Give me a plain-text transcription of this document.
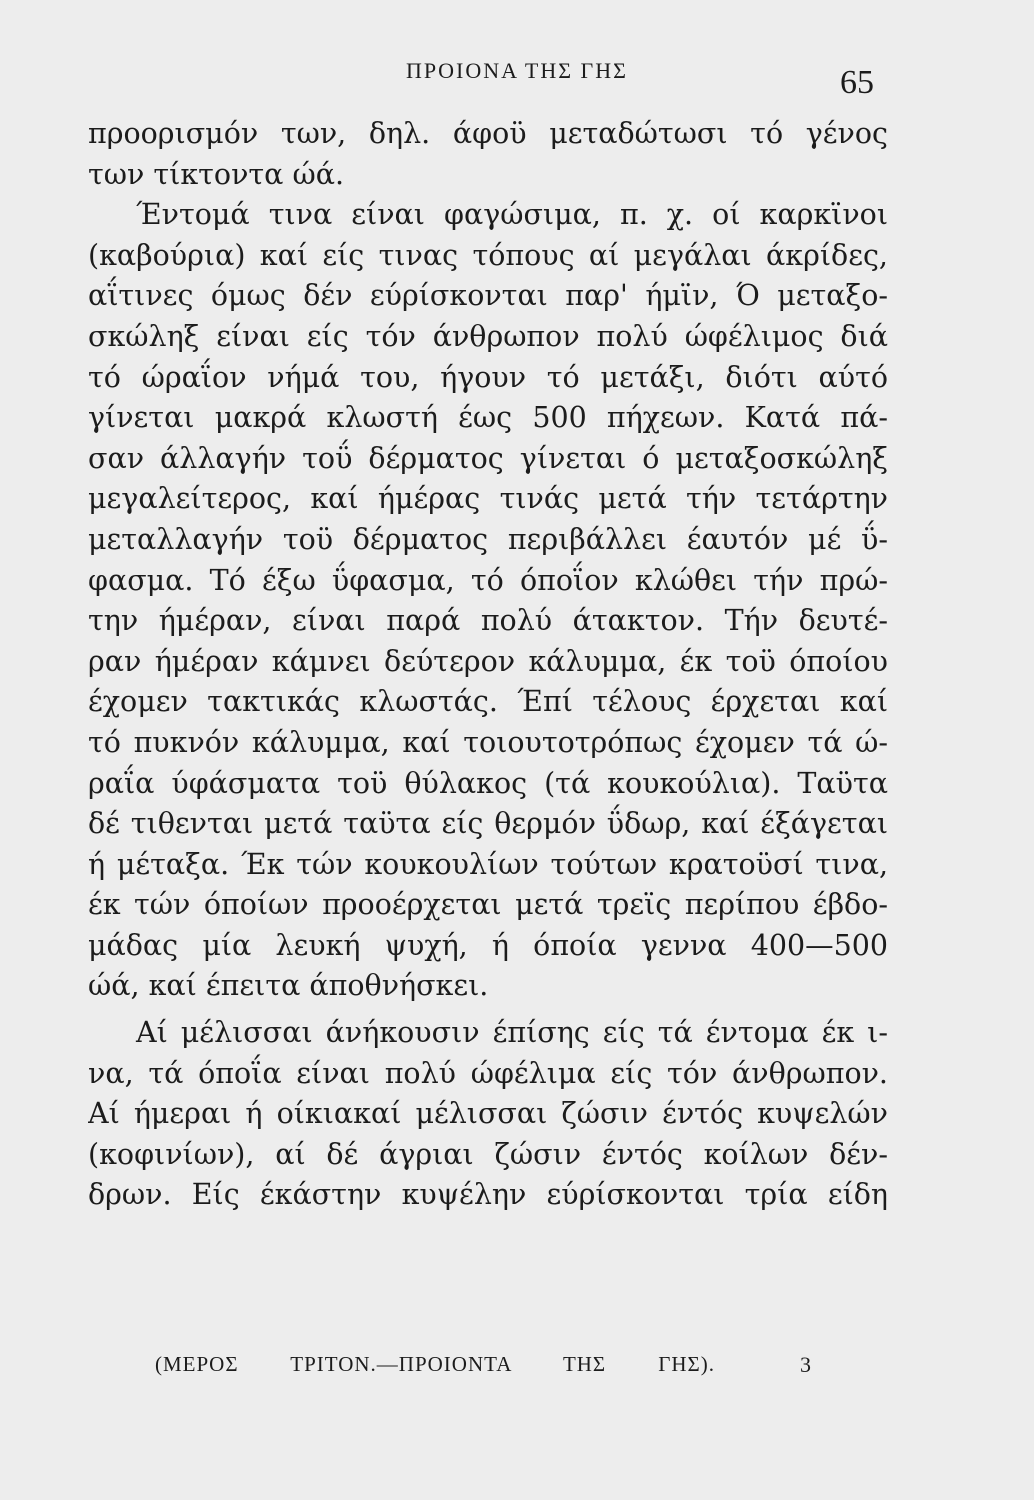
ΠΡΟΙΟΝΑ ΤΗΣ ΓΗΣ	65
προορισμόν των, δηλ. άφοϋ μεταδώτωσι τό γένος
των τίκτοντα ώά.
Έντομά τινα είναι φαγώσιμα, π. χ. οί καρκϊνοι
(καβούρια) καί είς τινας τόπους αί μεγάλαι άκρίδες,
αΐτινες όμως δέν εύρίσκονται παρ' ήμϊν, Ό μεταξο-
σκώληξ είναι είς τόν άνθρωπον πολύ ώφέλιμος διά
τό ώραΐον νήμά του, ήγουν τό μετάξι, διότι αύτό
γίνεται μακρά κλωστή έως 500 πήχεων. Κατά πά-
σαν άλλαγήν τοΰ δέρματος γίνεται ό μεταξοσκώληξ
μεγαλείτερος, καί ήμέρας τινάς μετά τήν τετάρτην
μεταλλαγήν τοϋ δέρματος περιβάλλει έαυτόν μέ ΰ-
φασμα. Τό έξω ΰφασμα, τό όποΐον κλώθει τήν πρώ-
την ήμέραν, είναι παρά πολύ άτακτον. Τήν δευτέ-
ραν ήμέραν κάμνει δεύτερον κάλυμμα, έκ τοϋ όποίου
έχομεν τακτικάς κλωστάς. Έπί τέλους έρχεται καί
τό πυκνόν κάλυμμα, καί τοιουτοτρόπως έχομεν τά ώ-
ραΐα ύφάσματα τοϋ θύλακος (τά κουκούλια). Ταϋτα
δέ τιθενται μετά ταϋτα είς θερμόν ΰδωρ, καί έξάγεται
ή μέταξα. Έκ τών κουκουλίων τούτων κρατοϋσί τινα,
έκ τών όποίων προοέρχεται μετά τρεϊς περίπου έβδο-
μάδας μία λευκή ψυχή, ή όποία γεννα 400—500
ώά, καί έπειτα άποθνήσκει.
Αί μέλισσαι άνήκουσιν έπίσης είς τά έντομα έκ ι-
να, τά όποΐα είναι πολύ ώφέλιμα είς τόν άνθρωπον.
Αί ήμεραι ή οίκιακαί μέλισσαι ζώσιν έντός κυψελών
(κοφινίων), αί δέ άγριαι ζώσιν έντός κοίλων δέν-
δρων. Είς έκάστην κυψέλην εύρίσκονται τρία είδη
(ΜΕΡΟΣ ΤΡΙΤΟΝ.—ΠΡΟΙΟΝΤΑ ΤΗΣ ΓΗΣ).	3
